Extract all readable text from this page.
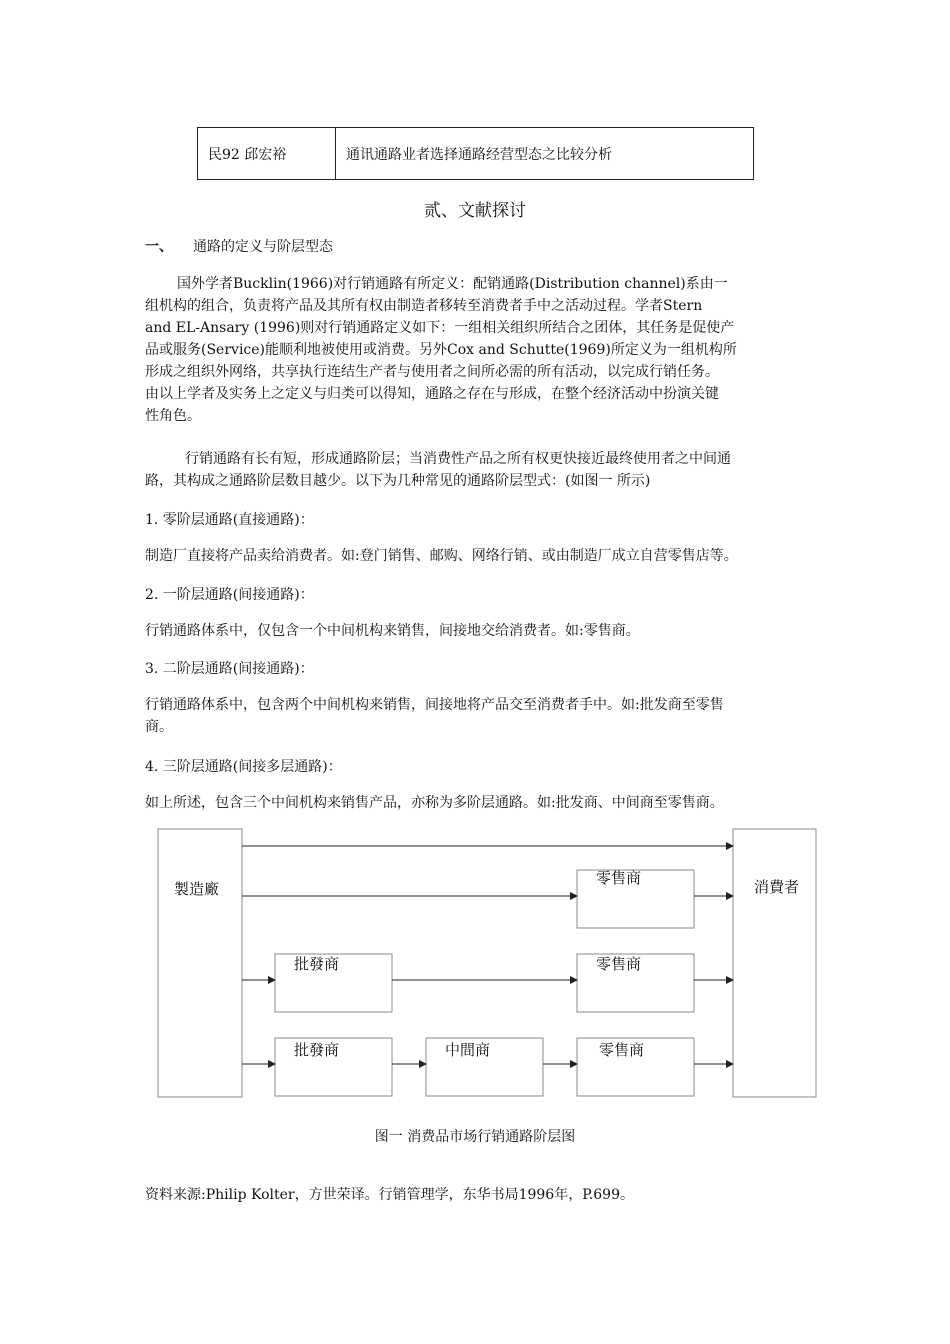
民92 邱宏裕	通讯通路业者选择通路经营型态之比较分析
贰、文献探讨
一、 通路的定义与阶层型态

国外学者Bucklin(1966)对行销通路有所定义：配销通路(Distribution channel)系由一

组机构的组合，负责将产品及其所有权由制造者移转至消费者手中之活动过程。学者Stern

and EL-Ansary (1996)则对行销通路定义如下：一组相关组织所结合之团体，其任务是促使产

品或服务(Service)能顺利地被使用或消费。另外Cox and Schutte(1969)所定义为一组机构所

形成之组织外网络，共享执行连结生产者与使用者之间所必需的所有活动，以完成行销任务。

由以上学者及实务上之定义与归类可以得知，通路之存在与形成，在整个经济活动中扮演关键

性角色。

行销通路有长有短，形成通路阶层；当消费性产品之所有权更快接近最终使用者之中间通

路，其构成之通路阶层数目越少。以下为几种常见的通路阶层型式：(如图一 所示)

1. 零阶层通路(直接通路)：
制造厂直接将产品卖给消费者。如:登门销售、邮购、网络行销、或由制造厂成立自营零售店等。
2. 一阶层通路(间接通路)：
行销通路体系中，仅包含一个中间机构来销售，间接地交给消费者。如:零售商。
3. 二阶层通路(间接通路)：

行销通路体系中，包含两个中间机构来销售，间接地将产品交至消费者手中。如:批发商至零售

商。

4. 三阶层通路(间接多层通路)：
如上所述，包含三个中间机构来销售产品，亦称为多阶层通路。如:批发商、中间商至零售商。
製造廠	消費者
零售商
批發商	零售商
批發商	中間商	零售商
图一 消费品市场行销通路阶层图
资料来源:Philip Kolter，方世荣译。行销管理学，东华书局1996年，P.699。
